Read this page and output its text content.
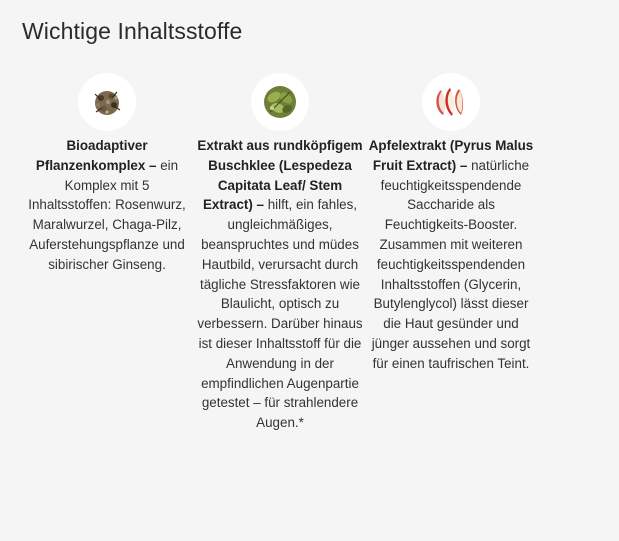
Wichtige Inhaltsstoffe
Bioadaptiver Pflanzenkomplex – ein Komplex mit 5 Inhaltsstoffen: Rosenwurz, Maralwurzel, Chaga-Pilz, Auferstehungspflanze und sibirischer Ginseng.
Extrakt aus rundköpfigem Buschklee (Lespedeza Capitata Leaf/ Stem Extract) – hilft, ein fahles, ungleichmäßiges, beanspruchtes und müdes Hautbild, verursacht durch tägliche Stressfaktoren wie Blaulicht, optisch zu verbessern. Darüber hinaus ist dieser Inhaltsstoff für die Anwendung in der empfindlichen Augenpartie getestet – für strahlendere Augen.*
Apfelextrakt (Pyrus Malus Fruit Extract) – natürliche feuchtigkeitsspendende Saccharide als Feuchtigkeits-Booster. Zusammen mit weiteren feuchtigkeitsspendenden Inhaltsstoffen (Glycerin, Butylenglycol) lässt dieser die Haut gesünder und jünger aussehen und sorgt für einen taufrischen Teint.
